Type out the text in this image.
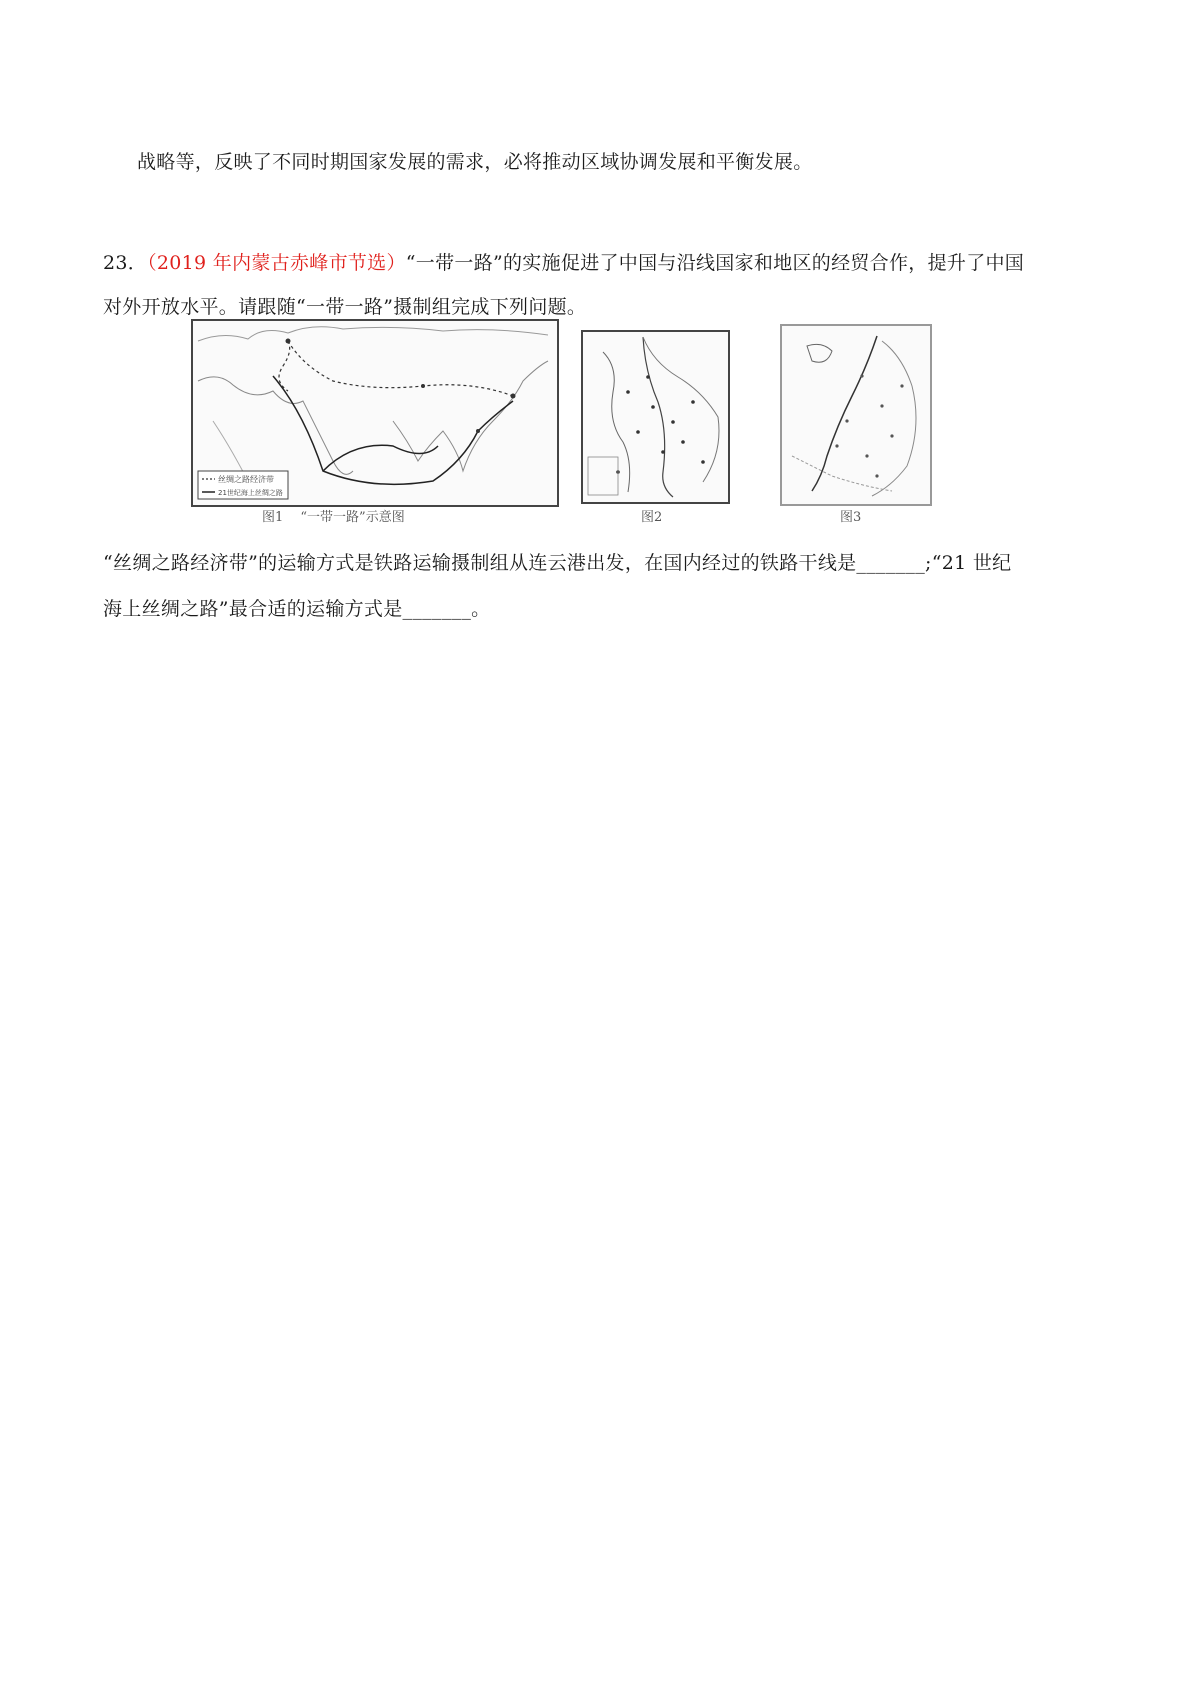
战略等，反映了不同时期国家发展的需求，必将推动区域协调发展和平衡发展。
23．（2019 年内蒙古赤峰市节选）“一带一路”的实施促进了中国与沿线国家和地区的经贸合作，提升了中国
对外开放水平。请跟随“一带一路”摄制组完成下列问题。
丝绸之路经济带
21世纪海上丝绸之路
图1　 “一带一路”示意图	图2	图3
“丝绸之路经济带”的运输方式是铁路运输摄制组从连云港出发，在国内经过的铁路干线是_______;“21 世纪
海上丝绸之路”最合适的运输方式是_______。
